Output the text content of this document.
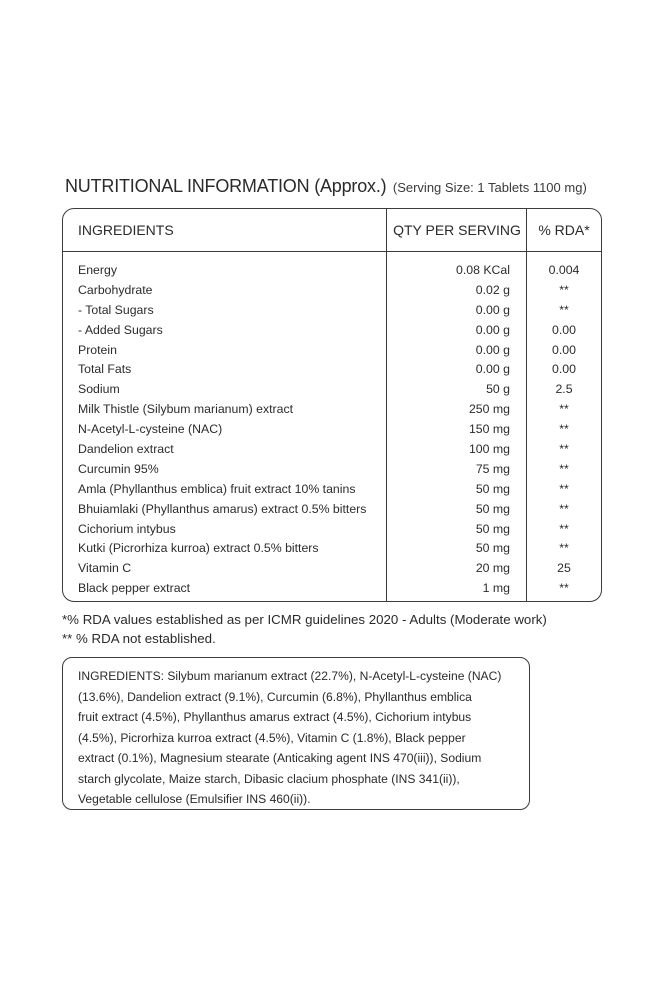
NUTRITIONAL INFORMATION (Approx.) (Serving Size: 1 Tablets 1100 mg)
INGREDIENTS	QTY PER SERVING	% RDA*
Energy	0.08 KCal	0.004
Carbohydrate	0.02 g	**
- Total Sugars	0.00 g	**
- Added Sugars	0.00 g	0.00
Protein	0.00 g	0.00
Total Fats	0.00 g	0.00
Sodium	50 g	2.5
Milk Thistle (Silybum marianum) extract	250 mg	**
N-Acetyl-L-cysteine (NAC)	150 mg	**
Dandelion extract	100 mg	**
Curcumin 95%	75 mg	**
Amla (Phyllanthus emblica) fruit extract 10% tanins	50 mg	**
Bhuiamlaki (Phyllanthus amarus) extract 0.5% bitters	50 mg	**
Cichorium intybus	50 mg	**
Kutki (Picrorhiza kurroa) extract 0.5% bitters	50 mg	**
Vitamin C	20 mg	25
Black pepper extract	1 mg	**
*% RDA values established as per ICMR guidelines 2020 - Adults (Moderate work)
** % RDA not established.
INGREDIENTS: Silybum marianum extract (22.7%), N-Acetyl-L-cysteine (NAC)
(13.6%), Dandelion extract (9.1%), Curcumin (6.8%), Phyllanthus emblica
fruit extract (4.5%), Phyllanthus amarus extract (4.5%), Cichorium intybus
(4.5%), Picrorhiza kurroa extract (4.5%), Vitamin C (1.8%), Black pepper
extract (0.1%), Magnesium stearate (Anticaking agent INS 470(iii)), Sodium
starch glycolate, Maize starch, Dibasic clacium phosphate (INS 341(ii)),
Vegetable cellulose (Emulsifier INS 460(ii)).
